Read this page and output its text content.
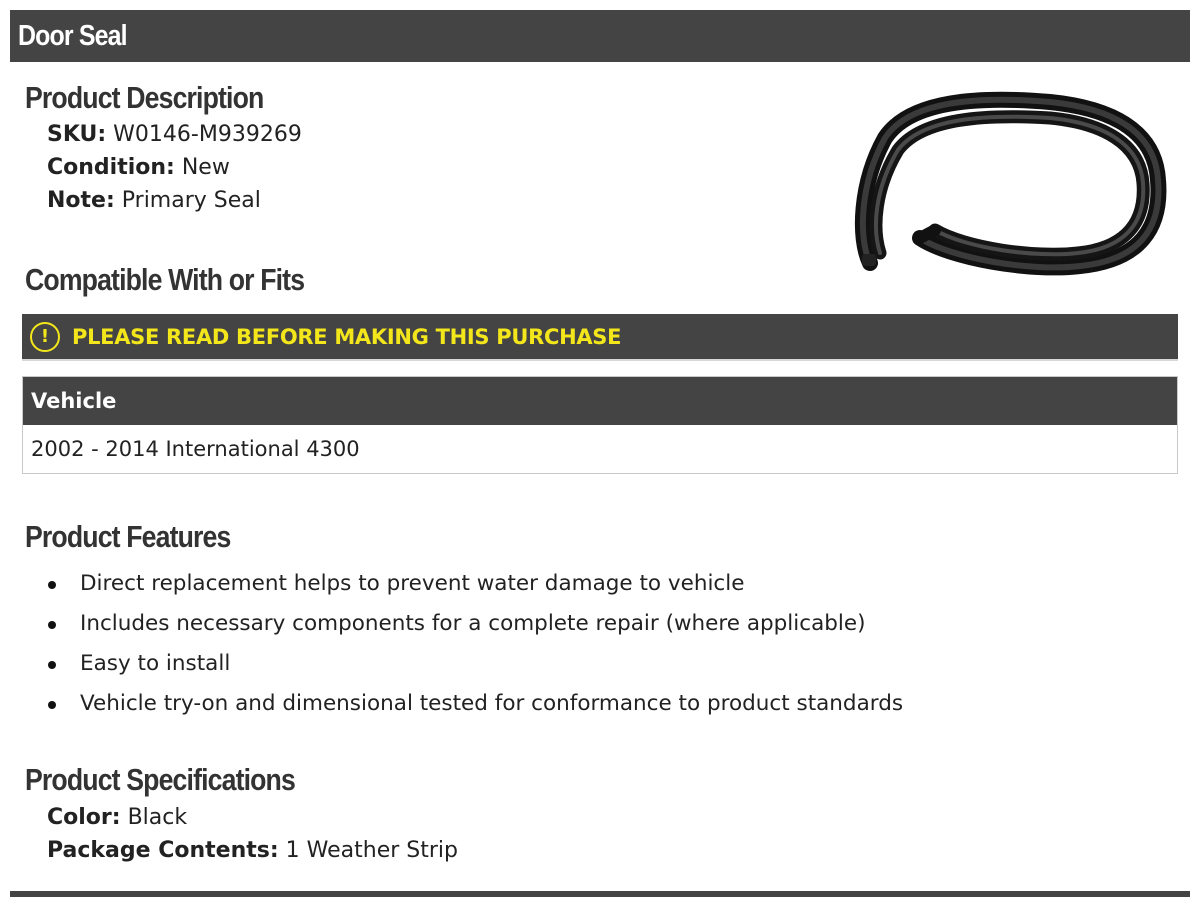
Door Seal
Product Description
SKU: W0146-M939269
Condition: New
Note: Primary Seal
Compatible With or Fits
!	PLEASE READ BEFORE MAKING THIS PURCHASE
Vehicle
2002 - 2014 International 4300
Product Features
Direct replacement helps to prevent water damage to vehicle
Includes necessary components for a complete repair (where applicable)
Easy to install
Vehicle try-on and dimensional tested for conformance to product standards
Product Specifications
Color: Black
Package Contents: 1 Weather Strip
